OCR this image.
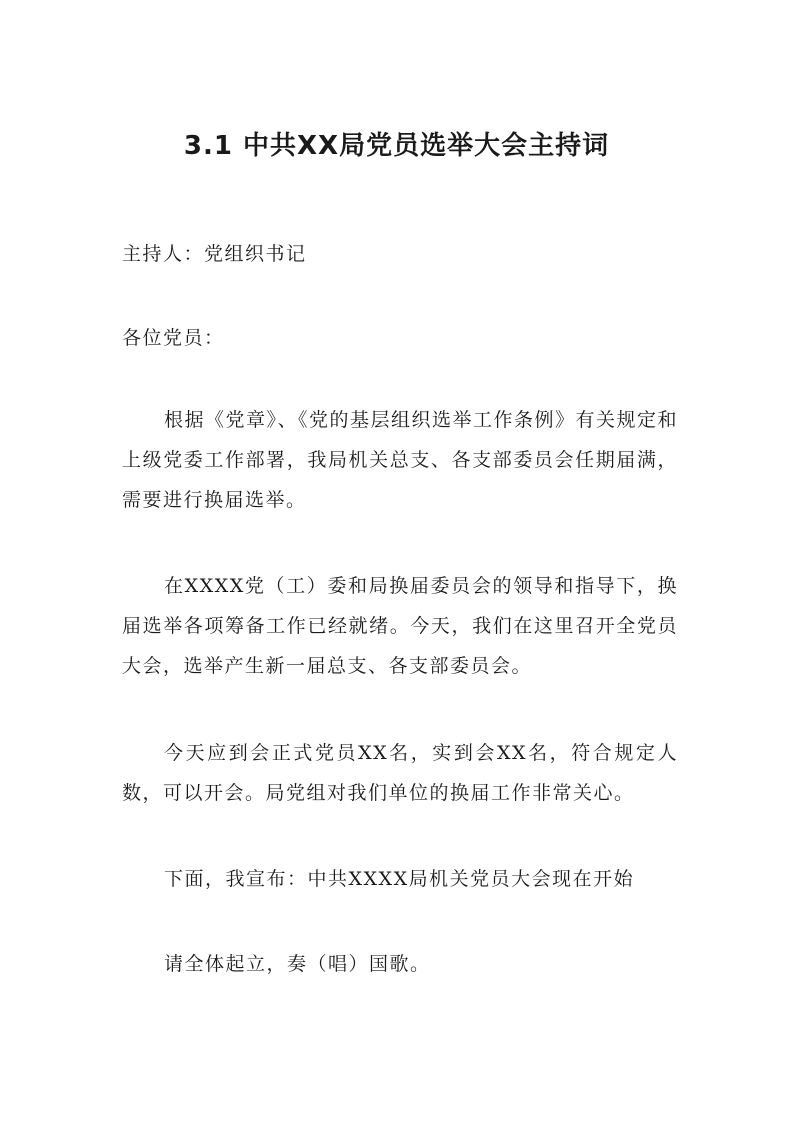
3.1 中共XX局党员选举大会主持词

主持人：党组织书记

各位党员：

根据《党章》、《党的基层组织选举工作条例》有关规定和上级党委工作部署，我局机关总支、各支部委员会任期届满，需要进行换届选举。

在XXXX党（工）委和局换届委员会的领导和指导下，换届选举各项筹备工作已经就绪。今天，我们在这里召开全党员大会，选举产生新一届总支、各支部委员会。

今天应到会正式党员XX名，实到会XX名，符合规定人数，可以开会。局党组对我们单位的换届工作非常关心。

下面，我宣布：中共XXXX局机关党员大会现在开始

请全体起立，奏（唱）国歌。
